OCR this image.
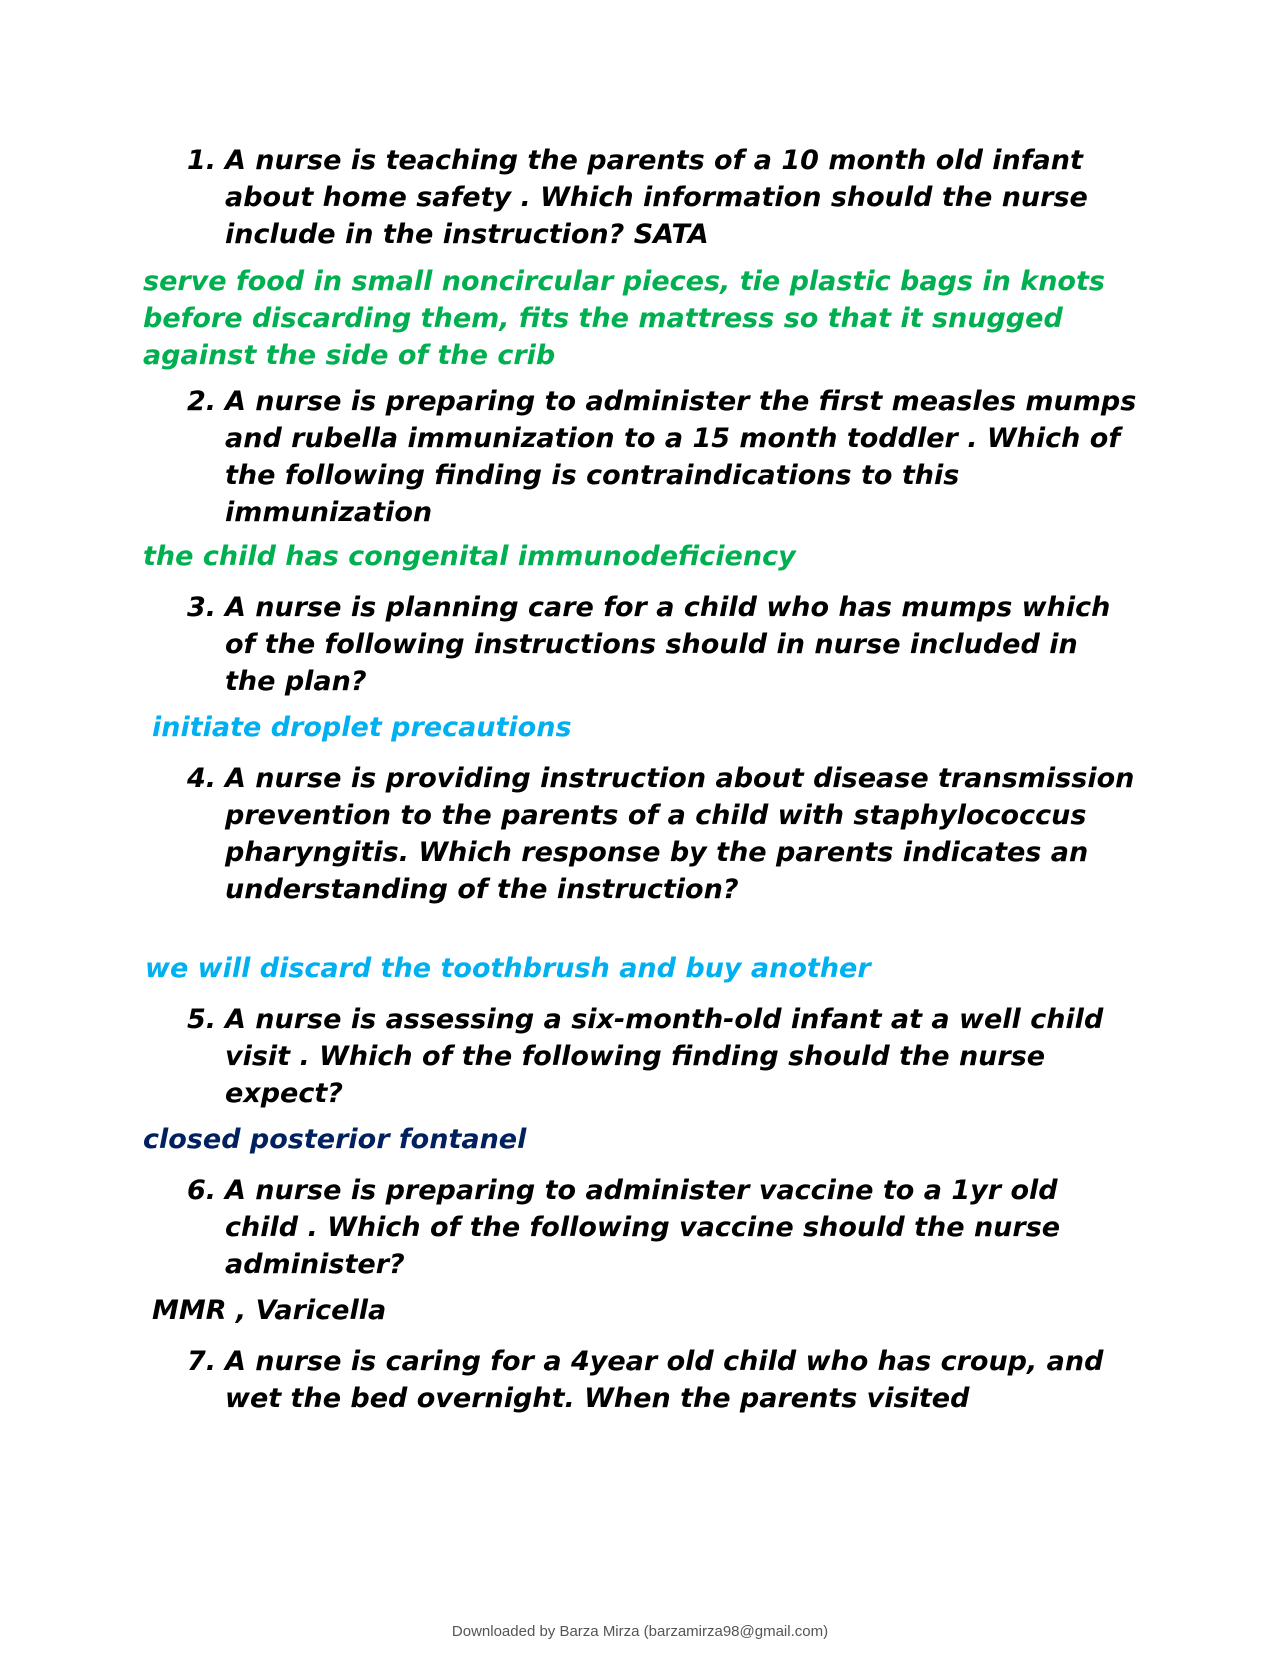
1. A nurse is teaching the parents of a 10 month old infant about home safety . Which information should the nurse include in the instruction? SATA
serve food in small noncircular pieces, tie plastic bags in knots before discarding them, fits the mattress so that it snugged against the side of the crib
2. A nurse is preparing to administer the first measles mumps and rubella immunization to a 15 month toddler . Which of the following finding is contraindications to this immunization
the child has congenital immunodeficiency
3. A nurse is planning care for a child who has mumps which of the following instructions should in nurse included in the plan?
initiate droplet precautions
4. A nurse is providing instruction about disease transmission prevention to the parents of a child with staphylococcus pharyngitis. Which response by the parents indicates an understanding of the instruction?
we will discard the toothbrush and buy another
5. A nurse is assessing a six-month-old infant at a well child visit . Which of the following finding should the nurse expect?
closed posterior fontanel
6. A nurse is preparing to administer vaccine to a 1yr old child . Which of the following vaccine should the nurse administer?
MMR , Varicella
7. A nurse is caring for a 4year old child who has croup, and wet the bed overnight. When the parents visited
Downloaded by Barza Mirza (barzamirza98@gmail.com)
